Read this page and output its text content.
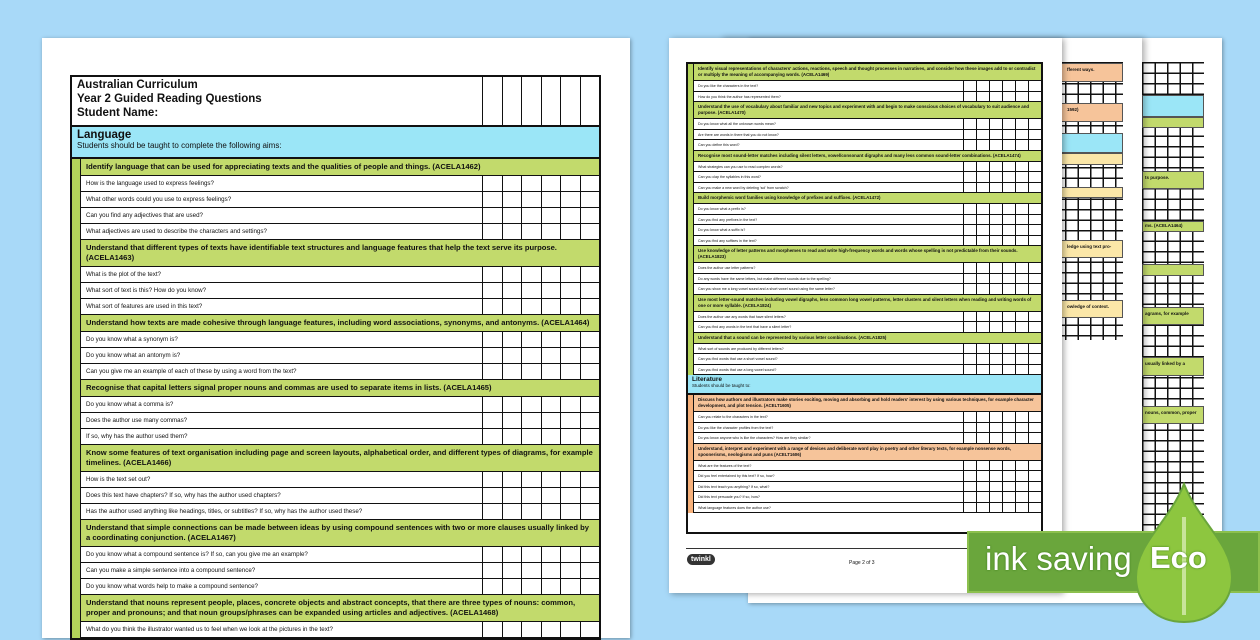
ts purpose.
ms. (ACELA1464)
agrams, for example
usually linked by a
nouns, common, proper
fferent ways.
1592)
ledge using text pro-
owledge of context.
Australian Curriculum
Year 2 Guided Reading Questions
Student Name:
Language
Students should be taught to complete the following aims:
Identify language that can be used for appreciating texts and the qualities of people and things. (ACELA1462)
How is the language used to express feelings?
What other words could you use to express feelings?
Can you find any adjectives that are used?
What adjectives are used to describe the characters and settings?
Understand that different types of texts have identifiable text structures and language features that help the text serve its purpose. (ACELA1463)
What is the plot of the text?
What sort of text is this? How do you know?
What sort of features are used in this text?
Understand how texts are made cohesive through language features, including word associations, synonyms, and antonyms. (ACELA1464)
Do you know what a synonym is?
Do you know what an antonym is?
Can you give me an example of each of these by using a word from the text?
Recognise that capital letters signal proper nouns and commas are used to separate items in lists. (ACELA1465)
Do you know what a comma is?
Does the author use many commas?
If so, why has the author used them?
Know some features of text organisation including page and screen layouts, alphabetical order, and different types of diagrams, for example timelines. (ACELA1466)
How is the text set out?
Does this text have chapters? If so, why has the author used chapters?
Has the author used anything like headings, titles, or subtitles? If so, why has the author used these?
Understand that simple connections can be made between ideas by using compound sentences with two or more clauses usually linked by a coordinating conjunction. (ACELA1467)
Do you know what a compound sentence is? If so, can you give me an example?
Can you make a simple sentence into a compound sentence?
Do you know what words help to make a compound sentence?
Understand that nouns represent people, places, concrete objects and abstract concepts, that there are three types of nouns: common, proper and pronouns; and that noun groups/phrases can be expanded using articles and adjectives. (ACELA1468)
What do you think the illustrator wanted us to feel when we look at the pictures in the text?
Identify visual representations of characters' actions, reactions, speech and thought processes in narratives, and consider how these images add to or contradict or multiply the meaning of accompanying words. (ACELA1469)
Do you like the characters in the text?
How do you think the author has represented them?
Understand the use of vocabulary about familiar and new topics and experiment with and begin to make conscious choices of vocabulary to suit audience and purpose. (ACELA1470)
Do you know what all the unknown words mean?
Are there are words in there that you do not know?
Can you define this word?
Recognise most sound-letter matches including silent letters, vowel/consonant digraphs and many less common sound-letter combinations. (ACELA1474)
What strategies can you use to read complex words?
Can you clap the syllables in this word?
Can you make a new word by deleting 'sol' from scratch?
Build morphemic word families using knowledge of prefixes and suffixes. (ACELA1472)
Do you know what a prefix is?
Can you find any prefixes in the text?
Do you know what a suffix is?
Can you find any suffixes in the text?
Use knowledge of letter patterns and morphemes to read and write high-frequency words and words whose spelling is not predictable from their sounds. (ACELA1823)
Does the author use letter patterns?
Do any words have the same letters, but make different sounds due to the spelling?
Can you show me a long vowel sound and a short vowel sound using the same letter?
Use most letter-sound matches including vowel digraphs, less common long vowel patterns, letter clusters and silent letters when reading and writing words of one or more syllable. (ACELA1824)
Does the author use any words that have silent letters?
Can you find any words in the text that have a silent letter?
Understand that a sound can be represented by various letter combinations. (ACELA1825)
What sort of sounds are produced by different letters?
Can you find words that use a short vowel sound?
Can you find words that use a long vowel sound?
Literature
Students should be taught to:
Discuss how authors and illustrators make stories exciting, moving and absorbing and hold readers' interest by using various techniques, for example character development, and plot tension. (ACELT1605)
Can you relate to the characters in the text?
Do you like the character profiles from the text?
Do you know anyone who is like the characters? How are they similar?
Understand, interpret and experiment with a range of devices and deliberate word play in poetry and other literary texts, for example nonsense words, spoonerisms, neologisms and puns (ACELT1606)
What are the features of the text?
Did you feel entertained by this text? If so, how?
Did this text teach you anything? If so, what?
Did this text persuade you? If so, how?
What language features does the author use?
twinkl	Page 2 of 3	ink saving Eco
